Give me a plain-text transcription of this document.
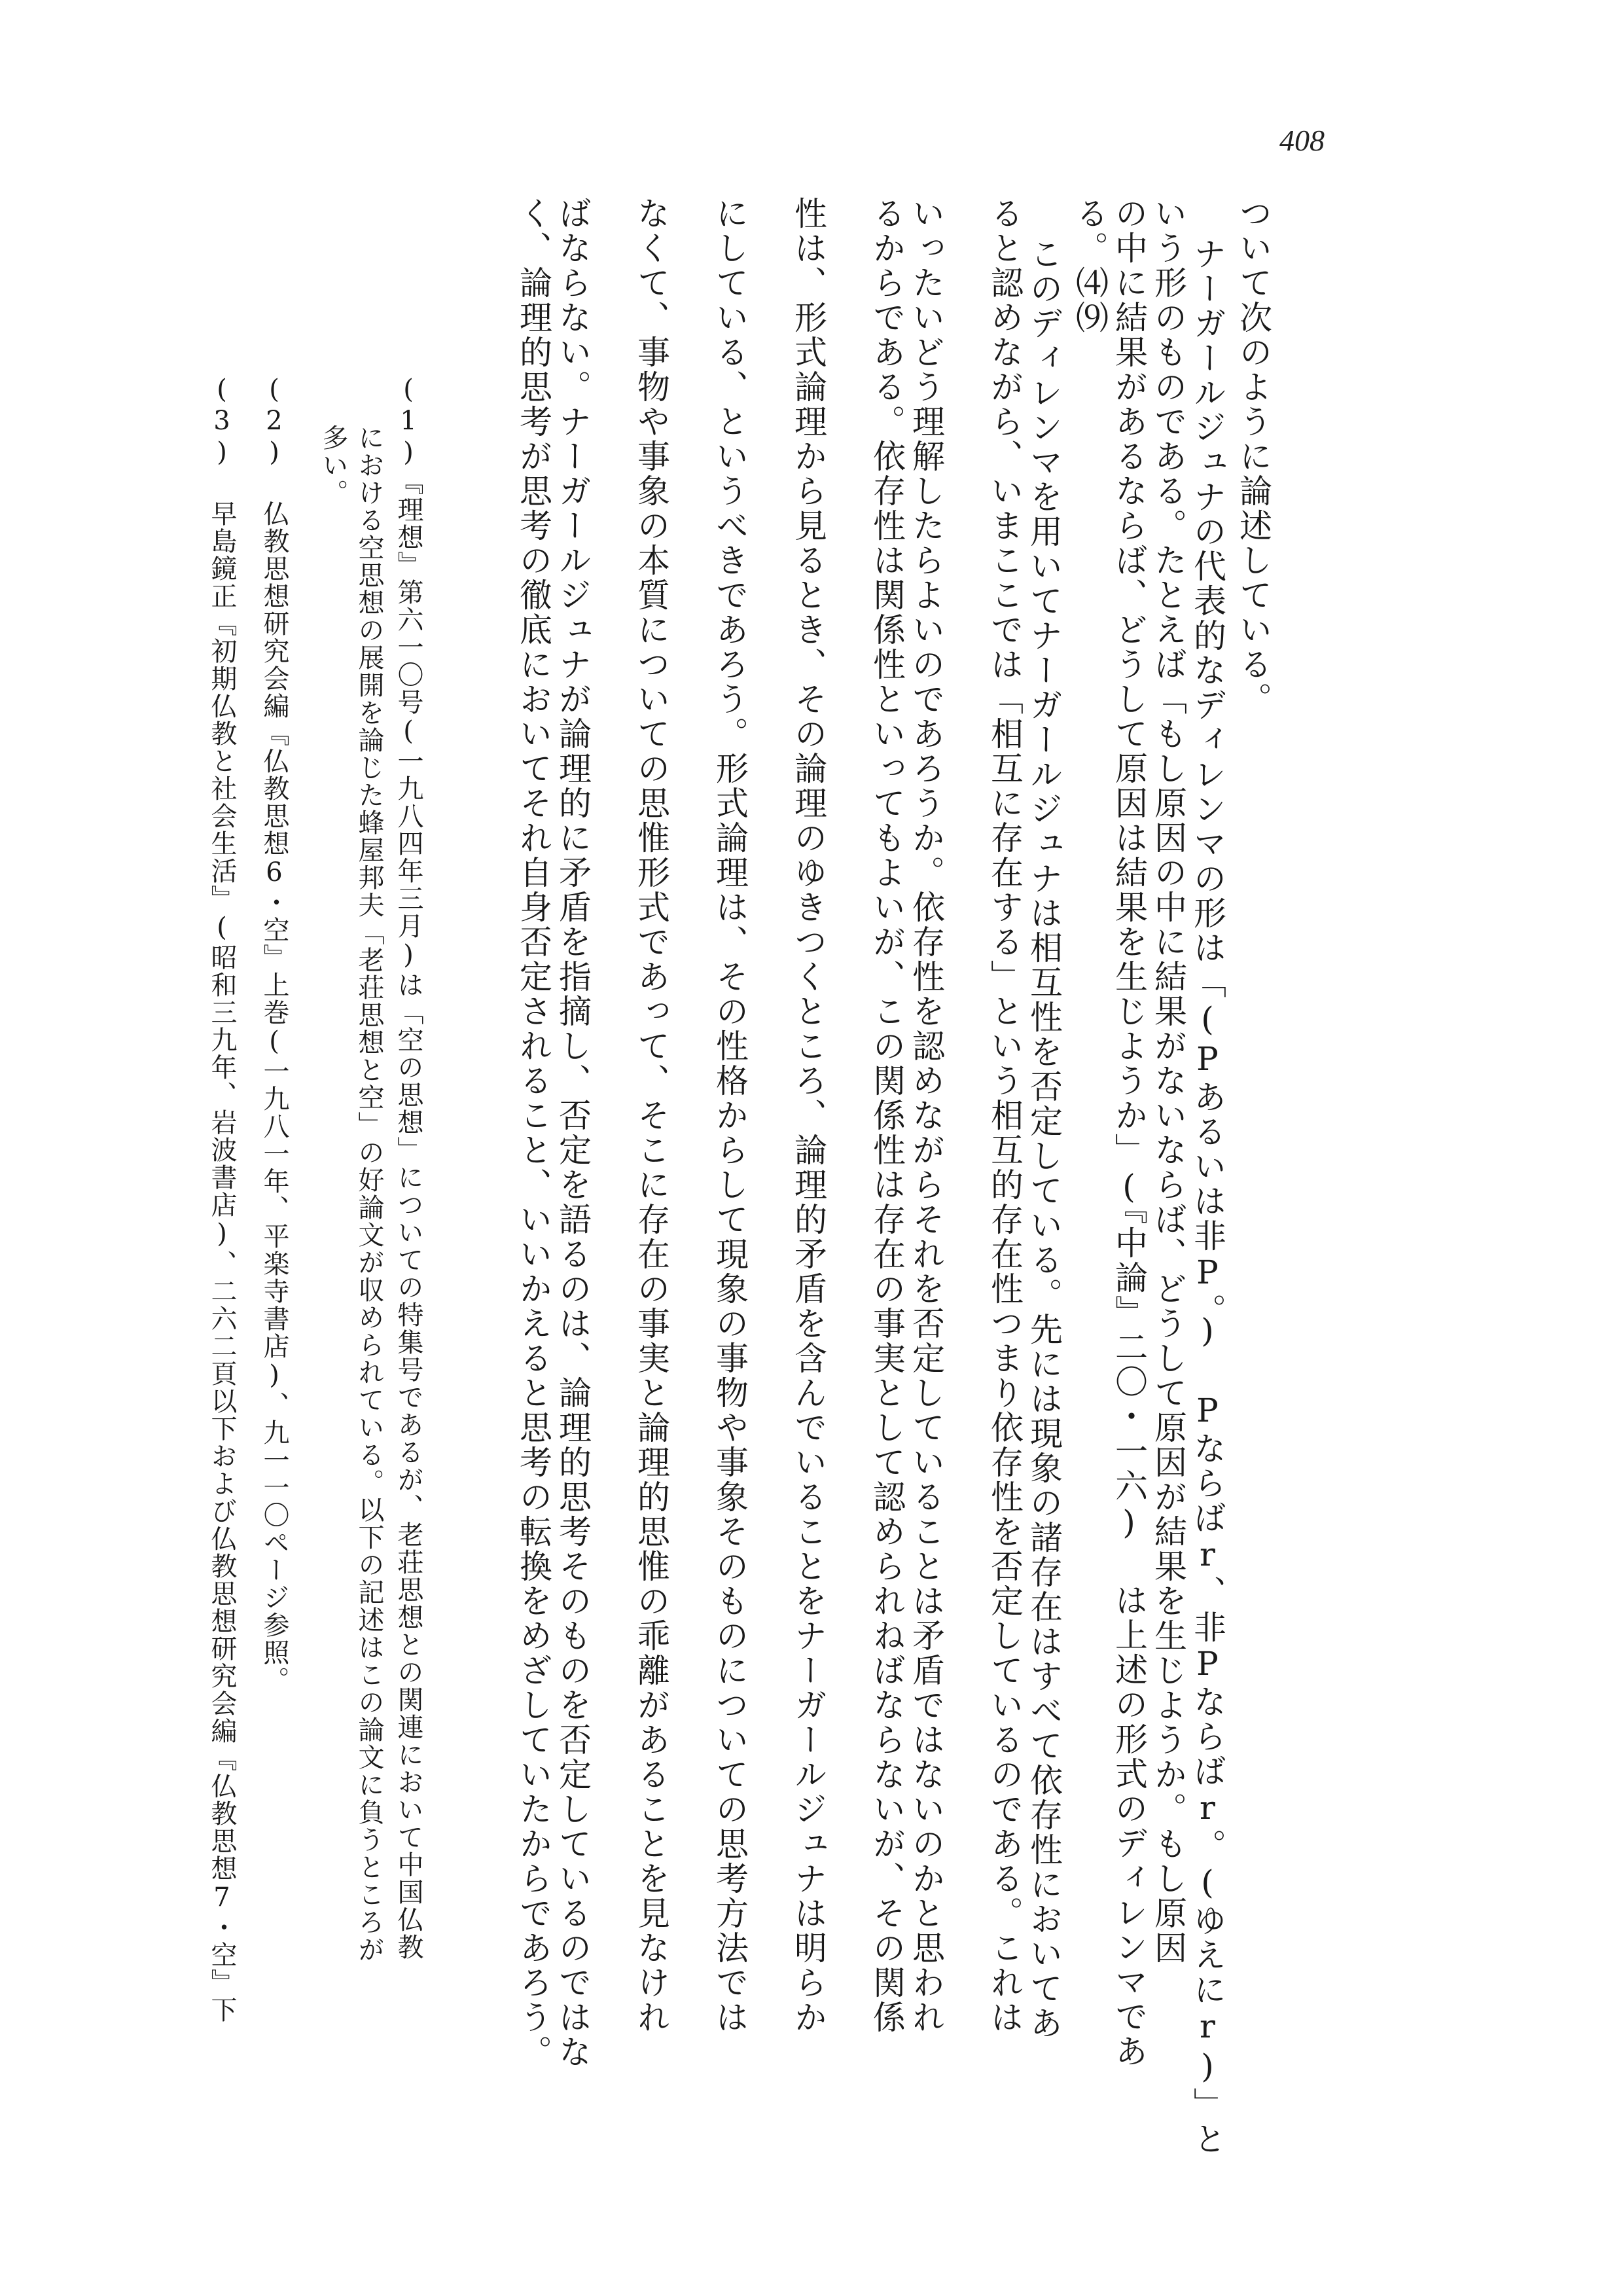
408
ついて次のように論述している。
ナーガールジュナの代表的なディレンマの形は「(Pあるいは非P。) Pならばr、非Pならばr。(ゆえにr)」と
いう形のものである。たとえば「もし原因の中に結果がないならば、どうして原因が結果を生じようか。もし原因
の中に結果があるならば、どうして原因は結果を生じようか」(『中論』二〇・一六) は上述の形式のディレンマであ
る。⑷⑼
このディレンマを用いてナーガールジュナは相互性を否定している。先には現象の諸存在はすべて依存性においてあ
ると認めながら、いまここでは「相互に存在する」という相互的存在性つまり依存性を否定しているのである。これは
いったいどう理解したらよいのであろうか。依存性を認めながらそれを否定していることは矛盾ではないのかと思われ
るからである。依存性は関係性といってもよいが、この関係性は存在の事実として認められねばならないが、その関係
性は、形式論理から見るとき、その論理のゆきつくところ、論理的矛盾を含んでいることをナーガールジュナは明らか
にしている、というべきであろう。形式論理は、その性格からして現象の事物や事象そのものについての思考方法では
なくて、事物や事象の本質についての思惟形式であって、そこに存在の事実と論理的思惟の乖離があることを見なけれ
ばならない。ナーガールジュナが論理的に矛盾を指摘し、否定を語るのは、論理的思考そのものを否定しているのではな
く、論理的思考が思考の徹底においてそれ自身否定されること、いいかえると思考の転換をめざしていたからであろう。
(1)『理想』第六一〇号(一九八四年三月)は「空の思想」についての特集号であるが、老荘思想との関連において中国仏教
における空思想の展開を論じた蜂屋邦夫「老荘思想と空」の好論文が収められている。以下の記述はこの論文に負うところが
多い。
(2) 仏教思想研究会編『仏教思想6・空』上巻(一九八一年、平楽寺書店)、九一一〇ページ参照。
(3) 早島鏡正『初期仏教と社会生活』(昭和三九年、岩波書店)、二六二頁以下および仏教思想研究会編『仏教思想7・空』下
